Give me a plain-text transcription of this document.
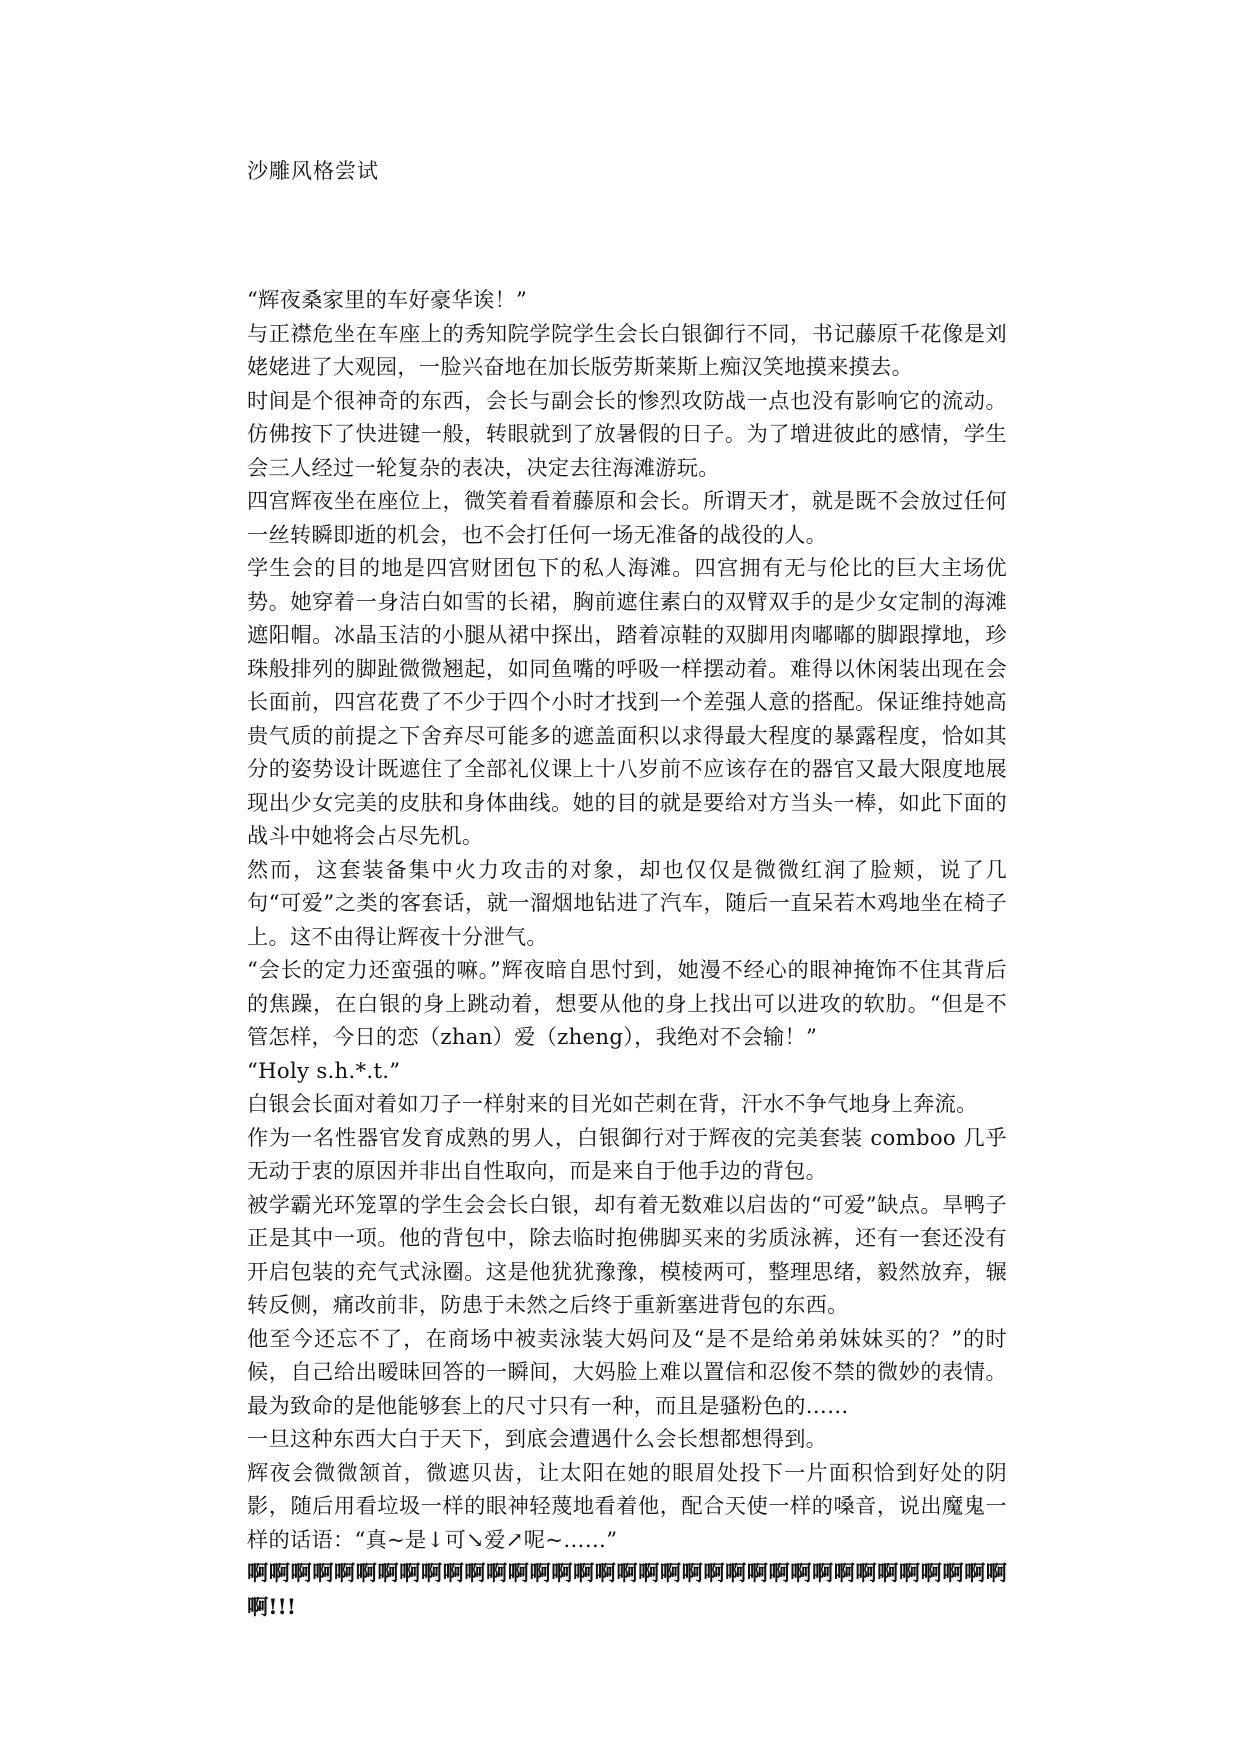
沙雕风格尝试

“辉夜桑家里的车好豪华诶！”

与正襟危坐在车座上的秀知院学院学生会长白银御行不同，书记藤原千花像是刘姥姥进了大观园，一脸兴奋地在加长版劳斯莱斯上痴汉笑地摸来摸去。

时间是个很神奇的东西，会长与副会长的惨烈攻防战一点也没有影响它的流动。仿佛按下了快进键一般，转眼就到了放暑假的日子。为了增进彼此的感情，学生会三人经过一轮复杂的表决，决定去往海滩游玩。

四宫辉夜坐在座位上，微笑着看着藤原和会长。所谓天才，就是既不会放过任何一丝转瞬即逝的机会，也不会打任何一场无准备的战役的人。

学生会的目的地是四宫财团包下的私人海滩。四宫拥有无与伦比的巨大主场优势。她穿着一身洁白如雪的长裙，胸前遮住素白的双臂双手的是少女定制的海滩遮阳帽。冰晶玉洁的小腿从裙中探出，踏着凉鞋的双脚用肉嘟嘟的脚跟撑地，珍珠般排列的脚趾微微翘起，如同鱼嘴的呼吸一样摆动着。难得以休闲装出现在会长面前，四宫花费了不少于四个小时才找到一个差强人意的搭配。保证维持她高贵气质的前提之下舍弃尽可能多的遮盖面积以求得最大程度的暴露程度，恰如其分的姿势设计既遮住了全部礼仪课上十八岁前不应该存在的器官又最大限度地展现出少女完美的皮肤和身体曲线。她的目的就是要给对方当头一棒，如此下面的战斗中她将会占尽先机。

然而，这套装备集中火力攻击的对象，却也仅仅是微微红润了脸颊，说了几句“可爱”之类的客套话，就一溜烟地钻进了汽车，随后一直呆若木鸡地坐在椅子上。这不由得让辉夜十分泄气。

“会长的定力还蛮强的嘛。”辉夜暗自思忖到，她漫不经心的眼神掩饰不住其背后的焦躁，在白银的身上跳动着，想要从他的身上找出可以进攻的软肋。“但是不管怎样，今日的恋（zhan）爱（zheng），我绝对不会输！”

“Holy s.h.*.t.”

白银会长面对着如刀子一样射来的目光如芒刺在背，汗水不争气地身上奔流。

作为一名性器官发育成熟的男人，白银御行对于辉夜的完美套装 comboo 几乎无动于衷的原因并非出自性取向，而是来自于他手边的背包。

被学霸光环笼罩的学生会会长白银，却有着无数难以启齿的“可爱”缺点。旱鸭子正是其中一项。他的背包中，除去临时抱佛脚买来的劣质泳裤，还有一套还没有开启包装的充气式泳圈。这是他犹犹豫豫，模棱两可，整理思绪，毅然放弃，辗转反侧，痛改前非，防患于未然之后终于重新塞进背包的东西。

他至今还忘不了，在商场中被卖泳装大妈问及“是不是给弟弟妹妹买的？”的时候，自己给出暧昧回答的一瞬间，大妈脸上难以置信和忍俊不禁的微妙的表情。最为致命的是他能够套上的尺寸只有一种，而且是骚粉色的……

一旦这种东西大白于天下，到底会遭遇什么会长想都想得到。

辉夜会微微颔首，微遮贝齿，让太阳在她的眼眉处投下一片面积恰到好处的阴影，随后用看垃圾一样的眼神轻蔑地看着他，配合天使一样的嗓音，说出魔鬼一样的话语：“真~是↓可↘爱↗呢~……”

啊啊啊啊啊啊啊啊啊啊啊啊啊啊啊啊啊啊啊啊啊啊啊啊啊啊啊啊啊啊啊啊啊啊啊啊!!!
